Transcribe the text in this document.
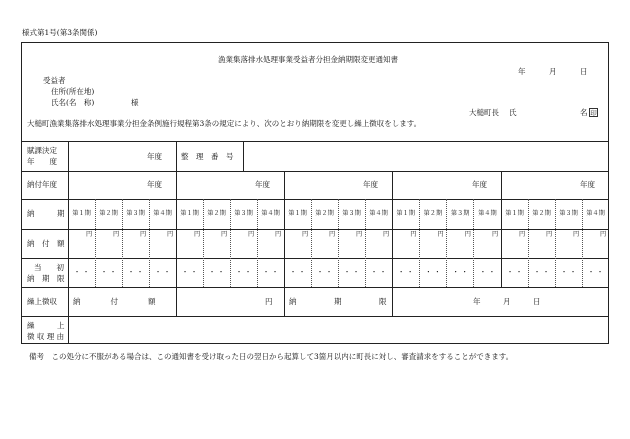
様式第1号(第3条関係)
漁業集落排水処理事業受益者分担金納期限変更通知書
年	月	日
受益者
住所(所在地)
氏名(名　称)	様
大槌町長 氏	名 印
大槌町漁業集落排水処理事業分担金条例施行規程第3条の規定により、次のとおり納期限を変更し繰上徴収をします。
賦課決定
年　　度
年度	整　理　番　号
納付年度	年度	年度	年度	年度	年度
納　　　期	第１期	第２期	第３期	第４期	第１期	第２期	第３期	第４期	第１期	第２期	第３期	第４期	第１期	第２期	第３期	第４期	第１期	第２期	第３期	第４期
納　付　額
円	円	円	円	円	円	円	円	円	円	円	円	円	円	円	円	円	円	円	円
当　　初
納　期　限
・ ・	・ ・	・ ・	・ ・	・ ・	・ ・	・ ・	・ ・	・ ・	・ ・	・ ・	・ ・	・ ・	・ ・	・ ・	・ ・	・ ・	・ ・	・ ・	・ ・
繰上徴収 納　　　　付　　　　額	円 納　　　　　期　　　　　限	年　　　月　　　日
繰　　　上
徴 収 理 由
備考　この処分に不服がある場合は、この通知書を受け取った日の翌日から起算して3箇月以内に町長に対し、審査請求をすることができます。
